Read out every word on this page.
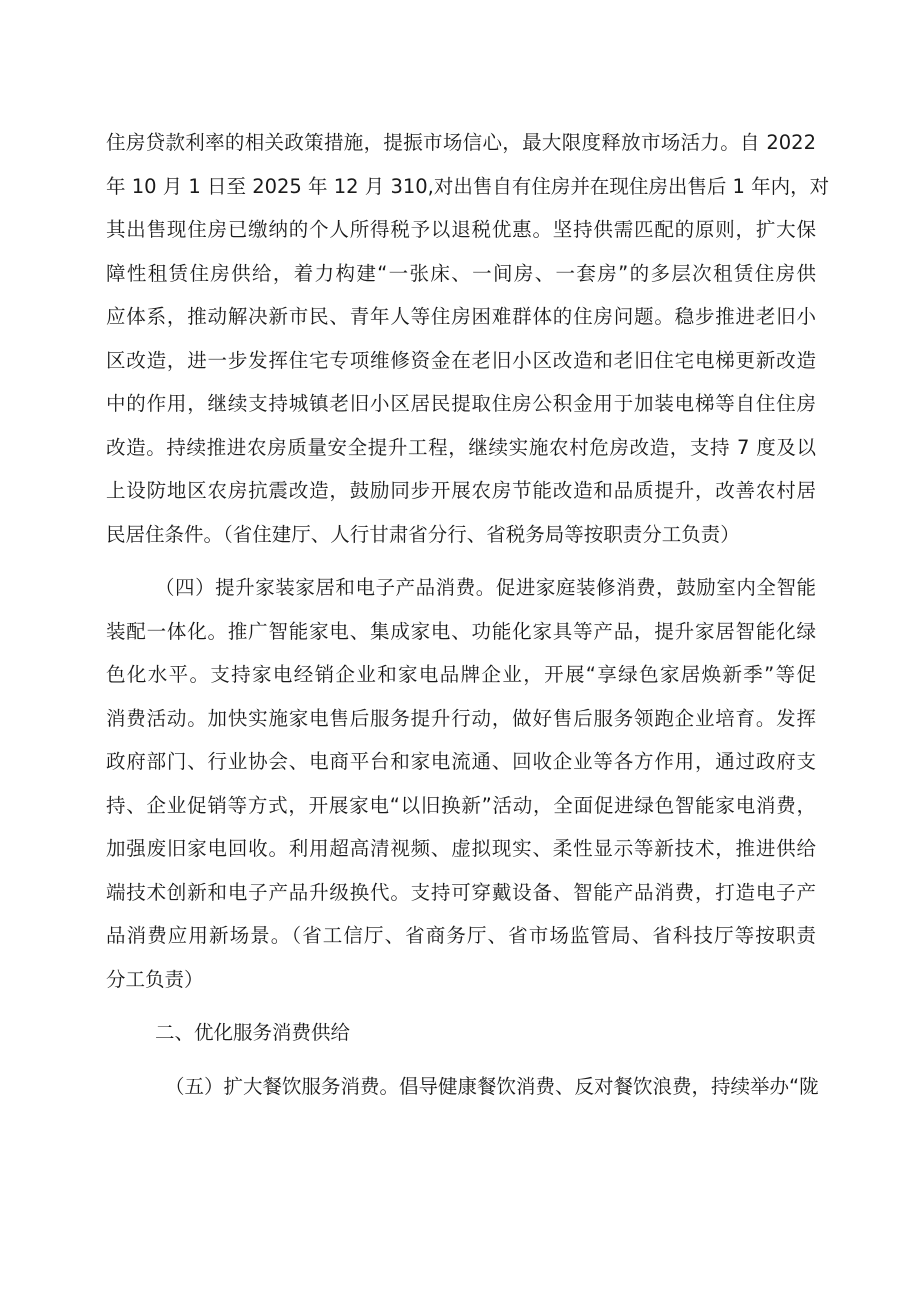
住房贷款利率的相关政策措施，提振市场信心，最大限度释放市场活力。自 2022
年 10 月 1 日至 2025 年 12 月 310,对出售自有住房并在现住房出售后 1 年内，对
其出售现住房已缴纳的个人所得税予以退税优惠。坚持供需匹配的原则，扩大保
障性租赁住房供给，着力构建“一张床、一间房、一套房”的多层次租赁住房供
应体系，推动解决新市民、青年人等住房困难群体的住房问题。稳步推进老旧小
区改造，进一步发挥住宅专项维修资金在老旧小区改造和老旧住宅电梯更新改造
中的作用，继续支持城镇老旧小区居民提取住房公积金用于加装电梯等自住住房
改造。持续推进农房质量安全提升工程，继续实施农村危房改造，支持 7 度及以
上设防地区农房抗震改造，鼓励同步开展农房节能改造和品质提升，改善农村居
民居住条件。（省住建厅、人行甘肃省分行、省税务局等按职责分工负责）
（四）提升家装家居和电子产品消费。促进家庭装修消费，鼓励室内全智能
装配一体化。推广智能家电、集成家电、功能化家具等产品，提升家居智能化绿
色化水平。支持家电经销企业和家电品牌企业，开展“享绿色家居焕新季”等促
消费活动。加快实施家电售后服务提升行动，做好售后服务领跑企业培育。发挥
政府部门、行业协会、电商平台和家电流通、回收企业等各方作用，通过政府支
持、企业促销等方式，开展家电“以旧换新”活动，全面促进绿色智能家电消费，
加强废旧家电回收。利用超高清视频、虚拟现实、柔性显示等新技术，推进供给
端技术创新和电子产品升级换代。支持可穿戴设备、智能产品消费，打造电子产
品消费应用新场景。（省工信厅、省商务厅、省市场监管局、省科技厅等按职责
分工负责）
二、优化服务消费供给
（五）扩大餐饮服务消费。倡导健康餐饮消费、反对餐饮浪费，持续举办“陇
